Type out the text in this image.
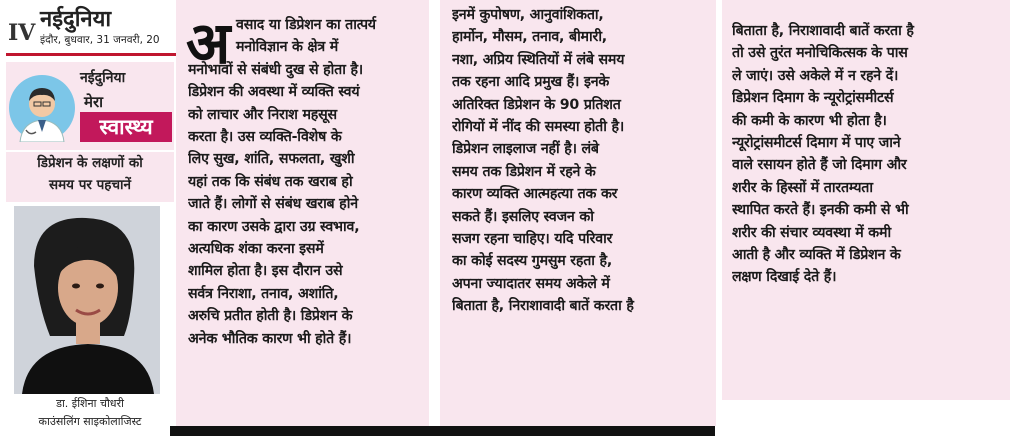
IV
नईदुनिया
इंदौर, बुधवार, 31 जनवरी, 20
नईदुनिया
मेरा
स्वास्थ्य
डिप्रेशन के लक्षणों को
समय पर पहचानें
डा. ईशिना चौधरी
काउंसलिंग साइकोलाजिस्ट
अ वसाद या डिप्रेशन का तात्पर्य
मनोविज्ञान के क्षेत्र में
मनोभावों से संबंधी दुख से होता है।
डिप्रेशन की अवस्था में व्यक्ति स्वयं
को लाचार और निराश महसूस
करता है। उस व्यक्ति-विशेष के
लिए सुख, शांति, सफलता, खुशी
यहां तक कि संबंध तक खराब हो
जाते हैं। लोगों से संबंध खराब होने
का कारण उसके द्वारा उग्र स्वभाव,
अत्यधिक शंका करना इसमें
शामिल होता है। इस दौरान उसे
सर्वत्र निराशा, तनाव, अशांति,
अरुचि प्रतीत होती है। डिप्रेशन के
अनेक भौतिक कारण भी होते हैं।
इनमें कुपोषण, आनुवांशिकता,
हार्मोन, मौसम, तनाव, बीमारी,
नशा, अप्रिय स्थितियों में लंबे समय
तक रहना आदि प्रमुख हैं। इनके
अतिरिक्त डिप्रेशन के 90 प्रतिशत
रोगियों में नींद की समस्या होती है।
डिप्रेशन लाइलाज नहीं है। लंबे
समय तक डिप्रेशन में रहने के
कारण व्यक्ति आत्महत्या तक कर
सकते हैं। इसलिए स्वजन को
सजग रहना चाहिए। यदि परिवार
का कोई सदस्य गुमसुम रहता है,
अपना ज्यादातर समय अकेले में
बिताता है, निराशावादी बातें करता है
बिताता है, निराशावादी बातें करता है
तो उसे तुरंत मनोचिकित्सक के पास
ले जाएं। उसे अकेले में न रहने दें।
डिप्रेशन दिमाग के न्यूरोट्रांसमीटर्स
की कमी के कारण भी होता है।
न्यूरोट्रांसमीटर्स दिमाग में पाए जाने
वाले रसायन होते हैं जो दिमाग और
शरीर के हिस्सों में तारतम्यता
स्थापित करते हैं। इनकी कमी से भी
शरीर की संचार व्यवस्था में कमी
आती है और व्यक्ति में डिप्रेशन के
लक्षण दिखाई देते हैं।
